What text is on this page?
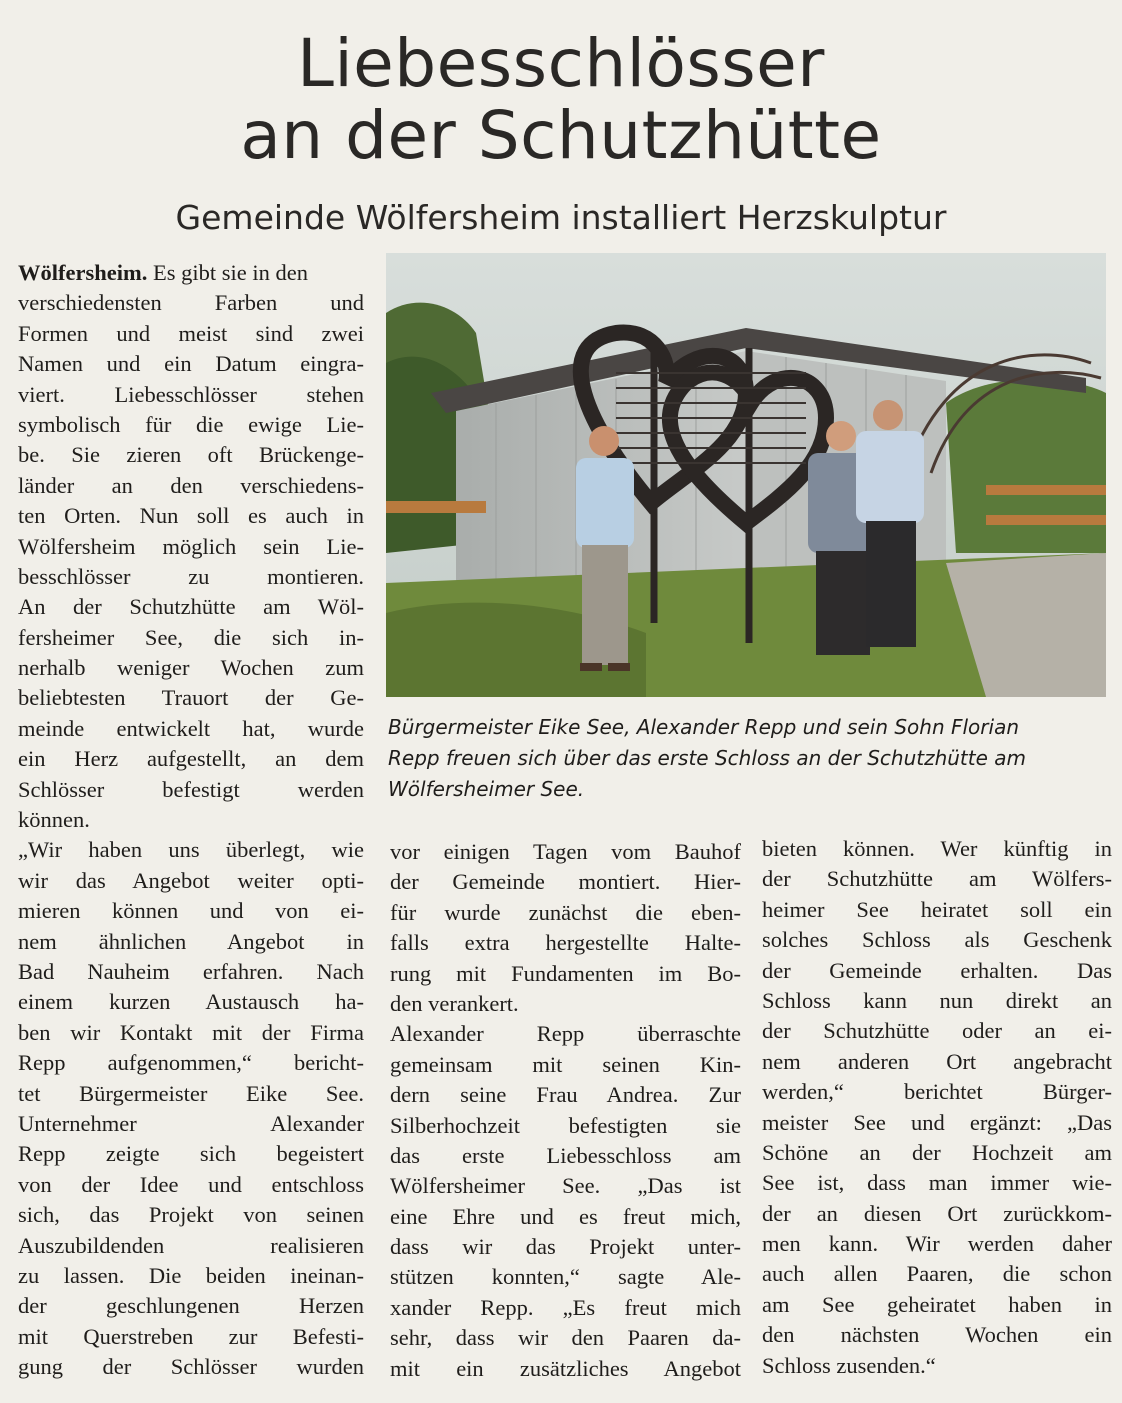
Liebesschlösser
an der Schutzhütte
Gemeinde Wölfersheim installiert Herzskulptur
Wölfersheim. Es gibt sie in den
verschiedensten Farben und
Formen und meist sind zwei
Namen und ein Datum eingra-
viert. Liebesschlösser stehen
symbolisch für die ewige Lie-
be. Sie zieren oft Brückenge-
länder an den verschiedens-
ten Orten. Nun soll es auch in
Wölfersheim möglich sein Lie-
besschlösser zu montieren.
An der Schutzhütte am Wöl-
fersheimer See, die sich in-
nerhalb weniger Wochen zum
beliebtesten Trauort der Ge-
meinde entwickelt hat, wurde
ein Herz aufgestellt, an dem
Schlösser befestigt werden
können.
„Wir haben uns überlegt, wie
wir das Angebot weiter opti-
mieren können und von ei-
nem ähnlichen Angebot in
Bad Nauheim erfahren. Nach
einem kurzen Austausch ha-
ben wir Kontakt mit der Firma
Repp aufgenommen,“ bericht-
tet Bürgermeister Eike See.
Unternehmer Alexander
Repp zeigte sich begeistert
von der Idee und entschloss
sich, das Projekt von seinen
Auszubildenden realisieren
zu lassen. Die beiden ineinan-
der geschlungenen Herzen
mit Querstreben zur Befesti-
gung der Schlösser wurden
vor einigen Tagen vom Bauhof
der Gemeinde montiert. Hier-
für wurde zunächst die eben-
falls extra hergestellte Halte-
rung mit Fundamenten im Bo-
den verankert.
Alexander Repp überraschte
gemeinsam mit seinen Kin-
dern seine Frau Andrea. Zur
Silberhochzeit befestigten sie
das erste Liebesschloss am
Wölfersheimer See. „Das ist
eine Ehre und es freut mich,
dass wir das Projekt unter-
stützen konnten,“ sagte Ale-
xander Repp. „Es freut mich
sehr, dass wir den Paaren da-
mit ein zusätzliches Angebot
bieten können. Wer künftig in
der Schutzhütte am Wölfers-
heimer See heiratet soll ein
solches Schloss als Geschenk
der Gemeinde erhalten. Das
Schloss kann nun direkt an
der Schutzhütte oder an ei-
nem anderen Ort angebracht
werden,“ berichtet Bürger-
meister See und ergänzt: „Das
Schöne an der Hochzeit am
See ist, dass man immer wie-
der an diesen Ort zurückkom-
men kann. Wir werden daher
auch allen Paaren, die schon
am See geheiratet haben in
den nächsten Wochen ein
Schloss zusenden.“
Bürgermeister Eike See, Alexander Repp und sein Sohn Florian
Repp freuen sich über das erste Schloss an der Schutzhütte am
Wölfersheimer See.
